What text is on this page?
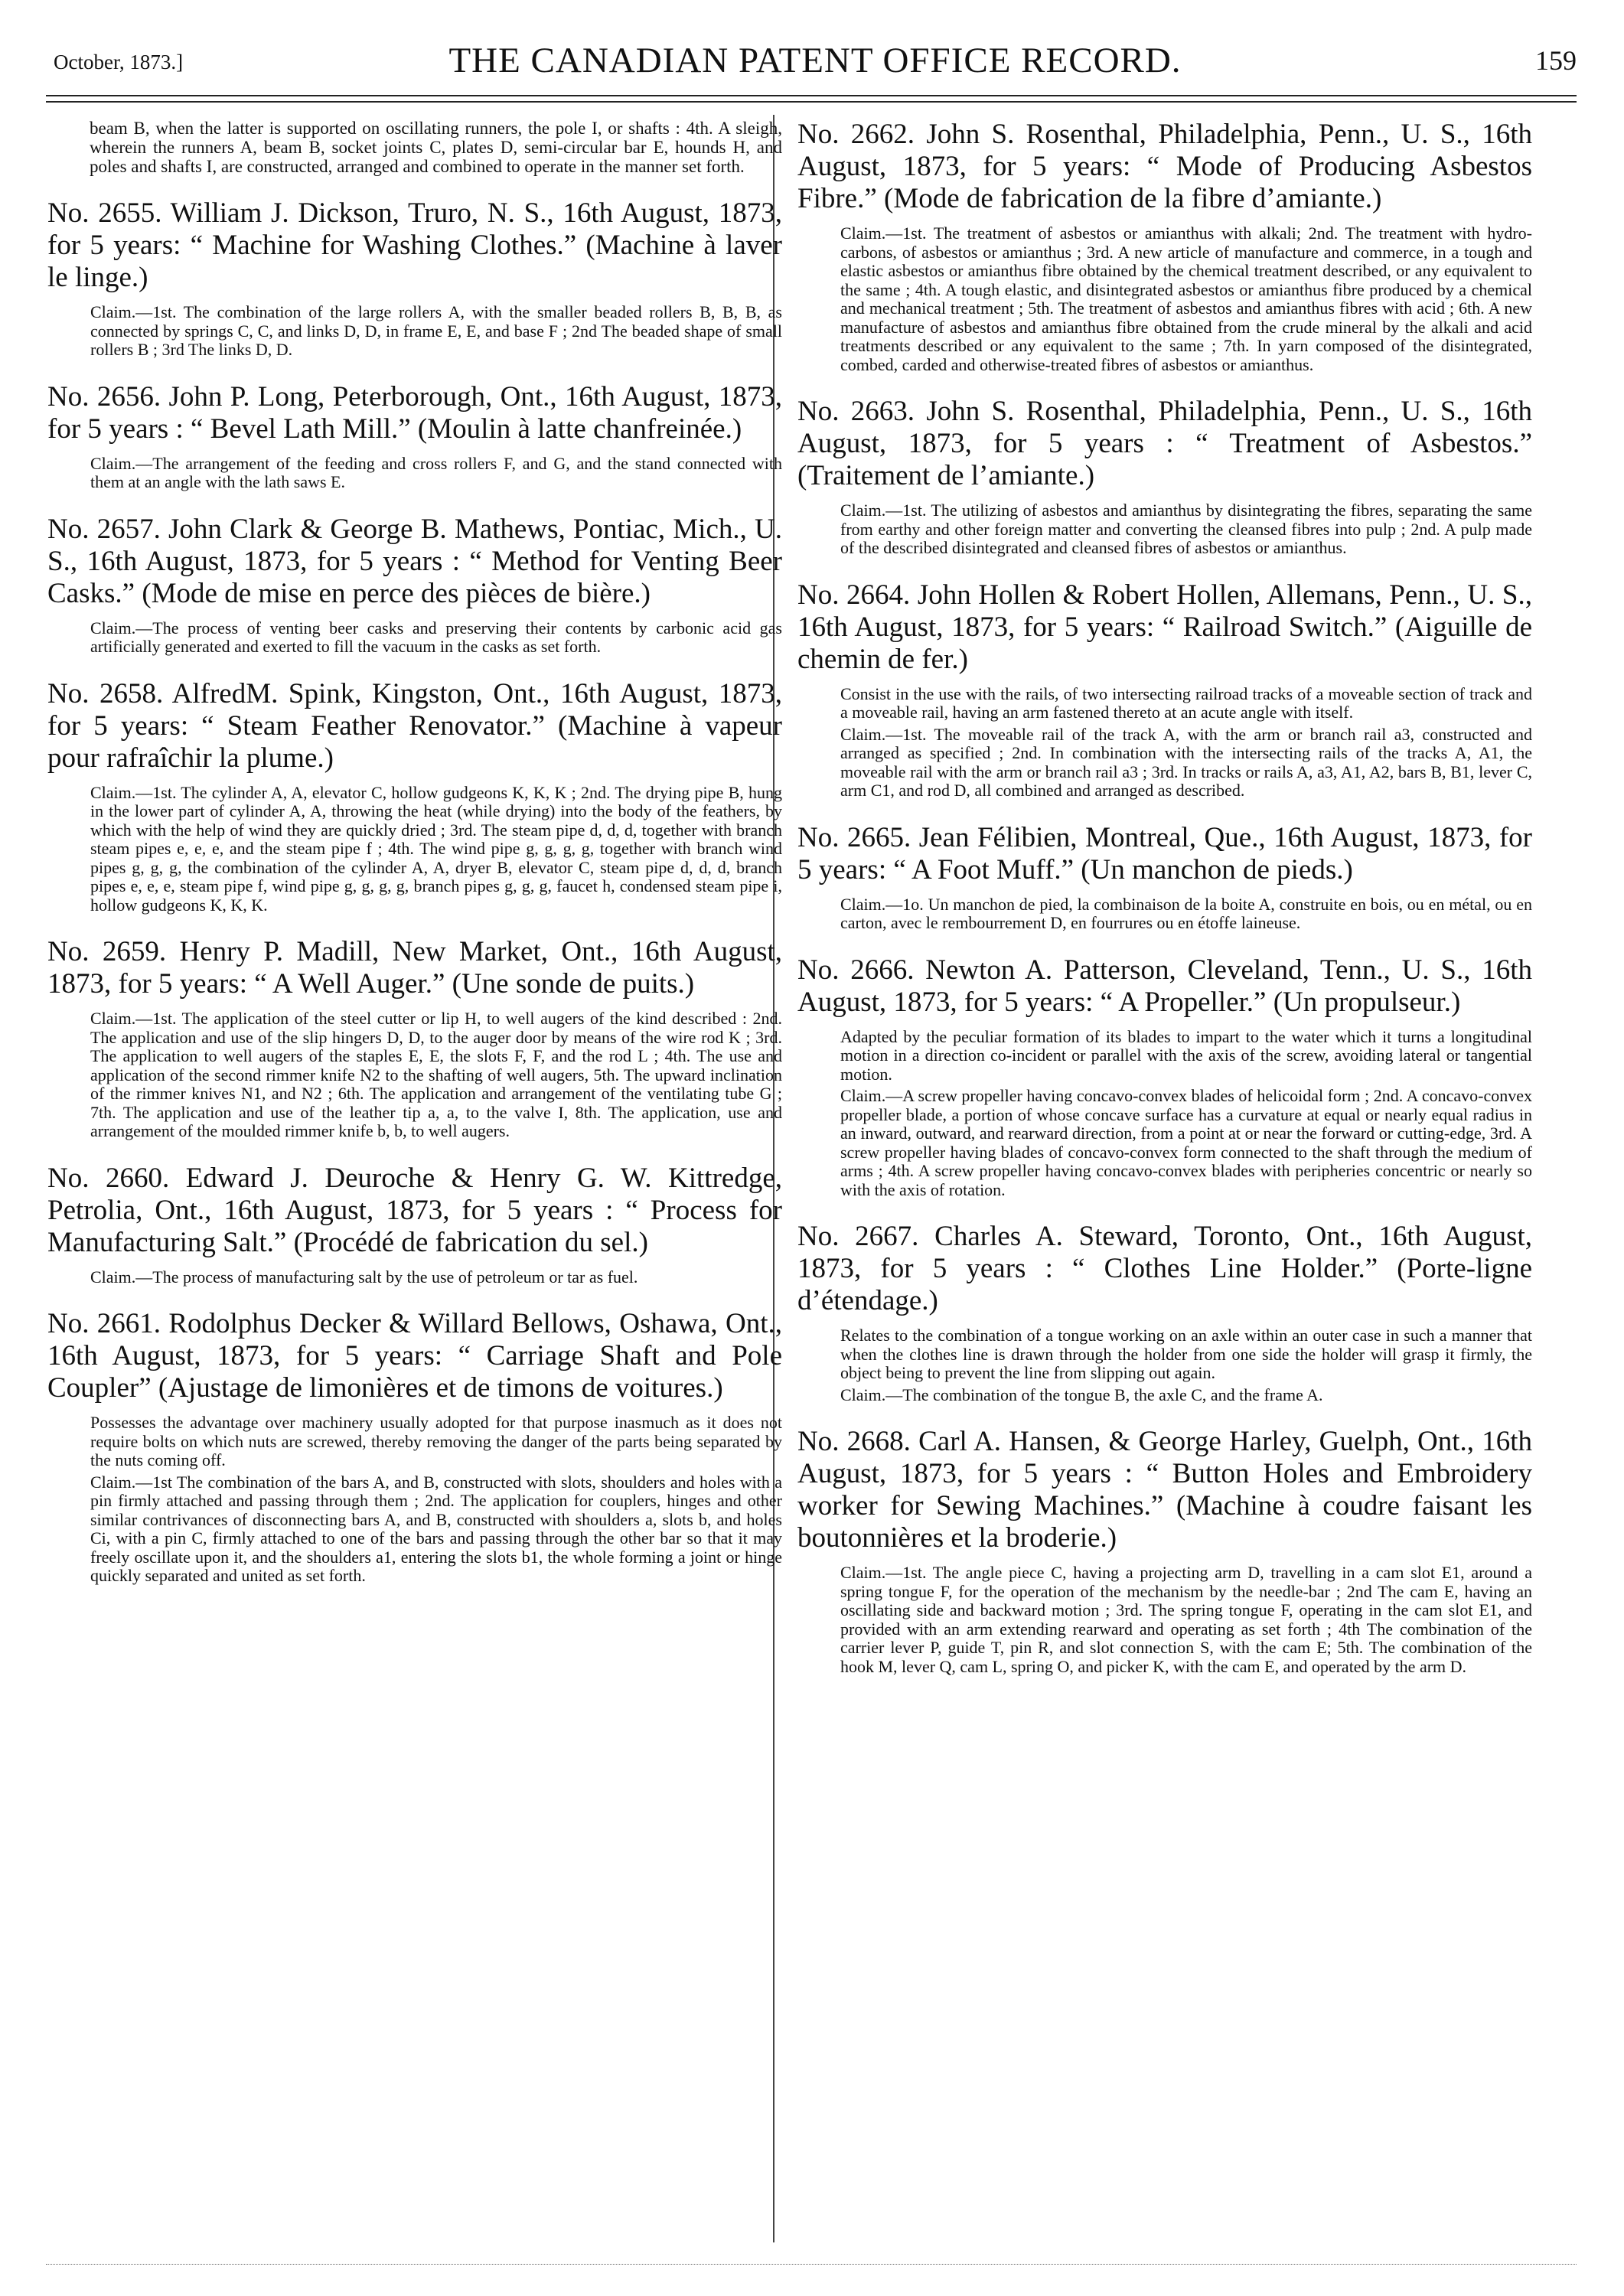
October, 1873.]	THE CANADIAN PATENT OFFICE RECORD.	159

beam B, when the latter is supported on oscillating runners, the pole I, or shafts : 4th. A sleigh, wherein the runners A, beam B, socket joints C, plates D, semi-circular bar E, hounds H, and poles and shafts I, are constructed, arranged and combined to operate in the manner set forth.

No. 2655. William J. Dickson, Truro, N. S., 16th August, 1873, for 5 years: “ Machine for Washing Clothes.” (Machine à laver le linge.)

Claim.—1st. The combination of the large rollers A, with the smaller beaded rollers B, B, B, as connected by springs C, C, and links D, D, in frame E, E, and base F ; 2nd The beaded shape of small rollers B ; 3rd The links D, D.

No. 2656. John P. Long, Peterborough, Ont., 16th August, 1873, for 5 years : “ Bevel Lath Mill.” (Moulin à latte chanfreinée.)

Claim.—The arrangement of the feeding and cross rollers F, and G, and the stand connected with them at an angle with the lath saws E.

No. 2657. John Clark & George B. Mathews, Pontiac, Mich., U. S., 16th August, 1873, for 5 years : “ Method for Venting Beer Casks.” (Mode de mise en perce des pièces de bière.)

Claim.—The process of venting beer casks and preserving their contents by carbonic acid gas artificially generated and exerted to fill the vacuum in the casks as set forth.

No. 2658. AlfredM. Spink, Kingston, Ont., 16th August, 1873, for 5 years: “ Steam Feather Renovator.” (Machine à vapeur pour rafraîchir la plume.)

Claim.—1st. The cylinder A, A, elevator C, hollow gudgeons K, K, K ; 2nd. The drying pipe B, hung in the lower part of cylinder A, A, throwing the heat (while drying) into the body of the feathers, by which with the help of wind they are quickly dried ; 3rd. The steam pipe d, d, d, together with branch steam pipes e, e, e, and the steam pipe f ; 4th. The wind pipe g, g, g, g, together with branch wind pipes g, g, g, the combination of the cylinder A, A, dryer B, elevator C, steam pipe d, d, d, branch pipes e, e, e, steam pipe f, wind pipe g, g, g, g, branch pipes g, g, g, faucet h, condensed steam pipe i, hollow gudgeons K, K, K.

No. 2659. Henry P. Madill, New Market, Ont., 16th August, 1873, for 5 years: “ A Well Auger.” (Une sonde de puits.)

Claim.—1st. The application of the steel cutter or lip H, to well augers of the kind described : 2nd. The application and use of the slip hingers D, D, to the auger door by means of the wire rod K ; 3rd. The application to well augers of the staples E, E, the slots F, F, and the rod L ; 4th. The use and application of the second rimmer knife N2 to the shafting of well augers, 5th. The upward inclination of the rimmer knives N1, and N2 ; 6th. The application and arrangement of the ventilating tube G ; 7th. The application and use of the leather tip a, a, to the valve I, 8th. The application, use and arrangement of the moulded rimmer knife b, b, to well augers.

No. 2660. Edward J. Deuroche & Henry G. W. Kittredge, Petrolia, Ont., 16th August, 1873, for 5 years : “ Process for Manufacturing Salt.” (Procédé de fabrication du sel.)

Claim.—The process of manufacturing salt by the use of petroleum or tar as fuel.

No. 2661. Rodolphus Decker & Willard Bellows, Oshawa, Ont., 16th August, 1873, for 5 years: “ Carriage Shaft and Pole Coupler” (Ajustage de limonières et de timons de voitures.)

Possesses the advantage over machinery usually adopted for that purpose inasmuch as it does not require bolts on which nuts are screwed, thereby removing the danger of the parts being separated by the nuts coming off.

Claim.—1st The combination of the bars A, and B, constructed with slots, shoulders and holes with a pin firmly attached and passing through them ; 2nd. The application for couplers, hinges and other similar contrivances of disconnecting bars A, and B, constructed with shoulders a, slots b, and holes Ci, with a pin C, firmly attached to one of the bars and passing through the other bar so that it may freely oscillate upon it, and the shoulders a1, entering the slots b1, the whole forming a joint or hinge quickly separated and united as set forth.

No. 2662. John S. Rosenthal, Philadelphia, Penn., U. S., 16th August, 1873, for 5 years: “ Mode of Producing Asbestos Fibre.” (Mode de fabrication de la fibre d’amiante.)

Claim.—1st. The treatment of asbestos or amianthus with alkali; 2nd. The treatment with hydro-carbons, of asbestos or amianthus ; 3rd. A new article of manufacture and commerce, in a tough and elastic asbestos or amianthus fibre obtained by the chemical treatment described, or any equivalent to the same ; 4th. A tough elastic, and disintegrated asbestos or amianthus fibre produced by a chemical and mechanical treatment ; 5th. The treatment of asbestos and amianthus fibres with acid ; 6th. A new manufacture of asbestos and amianthus fibre obtained from the crude mineral by the alkali and acid treatments described or any equivalent to the same ; 7th. In yarn composed of the disintegrated, combed, carded and otherwise-treated fibres of asbestos or amianthus.

No. 2663. John S. Rosenthal, Philadelphia, Penn., U. S., 16th August, 1873, for 5 years : “ Treatment of Asbestos.” (Traitement de l’amiante.)

Claim.—1st. The utilizing of asbestos and amianthus by disintegrating the fibres, separating the same from earthy and other foreign matter and converting the cleansed fibres into pulp ; 2nd. A pulp made of the described disintegrated and cleansed fibres of asbestos or amianthus.

No. 2664. John Hollen & Robert Hollen, Allemans, Penn., U. S., 16th August, 1873, for 5 years: “ Railroad Switch.” (Aiguille de chemin de fer.)

Consist in the use with the rails, of two intersecting railroad tracks of a moveable section of track and a moveable rail, having an arm fastened thereto at an acute angle with itself.

Claim.—1st. The moveable rail of the track A, with the arm or branch rail a3, constructed and arranged as specified ; 2nd. In combination with the intersecting rails of the tracks A, A1, the moveable rail with the arm or branch rail a3 ; 3rd. In tracks or rails A, a3, A1, A2, bars B, B1, lever C, arm C1, and rod D, all combined and arranged as described.

No. 2665. Jean Félibien, Montreal, Que., 16th August, 1873, for 5 years: “ A Foot Muff.” (Un manchon de pieds.)

Claim.—1o. Un manchon de pied, la combinaison de la boite A, construite en bois, ou en métal, ou en carton, avec le rembourrement D, en fourrures ou en étoffe laineuse.

No. 2666. Newton A. Patterson, Cleveland, Tenn., U. S., 16th August, 1873, for 5 years: “ A Propeller.” (Un propulseur.)

Adapted by the peculiar formation of its blades to impart to the water which it turns a longitudinal motion in a direction co-incident or parallel with the axis of the screw, avoiding lateral or tangential motion.

Claim.—A screw propeller having concavo-convex blades of helicoidal form ; 2nd. A concavo-convex propeller blade, a portion of whose concave surface has a curvature at equal or nearly equal radius in an inward, outward, and rearward direction, from a point at or near the forward or cutting-edge, 3rd. A screw propeller having blades of concavo-convex form connected to the shaft through the medium of arms ; 4th. A screw propeller having concavo-convex blades with peripheries concentric or nearly so with the axis of rotation.

No. 2667. Charles A. Steward, Toronto, Ont., 16th August, 1873, for 5 years : “ Clothes Line Holder.” (Porte-ligne d’étendage.)

Relates to the combination of a tongue working on an axle within an outer case in such a manner that when the clothes line is drawn through the holder from one side the holder will grasp it firmly, the object being to prevent the line from slipping out again.

Claim.—The combination of the tongue B, the axle C, and the frame A.

No. 2668. Carl A. Hansen, & George Harley, Guelph, Ont., 16th August, 1873, for 5 years : “ Button Holes and Embroidery worker for Sewing Machines.” (Machine à coudre faisant les boutonnières et la broderie.)

Claim.—1st. The angle piece C, having a projecting arm D, travelling in a cam slot E1, around a spring tongue F, for the operation of the mechanism by the needle-bar ; 2nd The cam E, having an oscillating side and backward motion ; 3rd. The spring tongue F, operating in the cam slot E1, and provided with an arm extending rearward and operating as set forth ; 4th The combination of the carrier lever P, guide T, pin R, and slot connection S, with the cam E; 5th. The combination of the hook M, lever Q, cam L, spring O, and picker K, with the cam E, and operated by the arm D.
